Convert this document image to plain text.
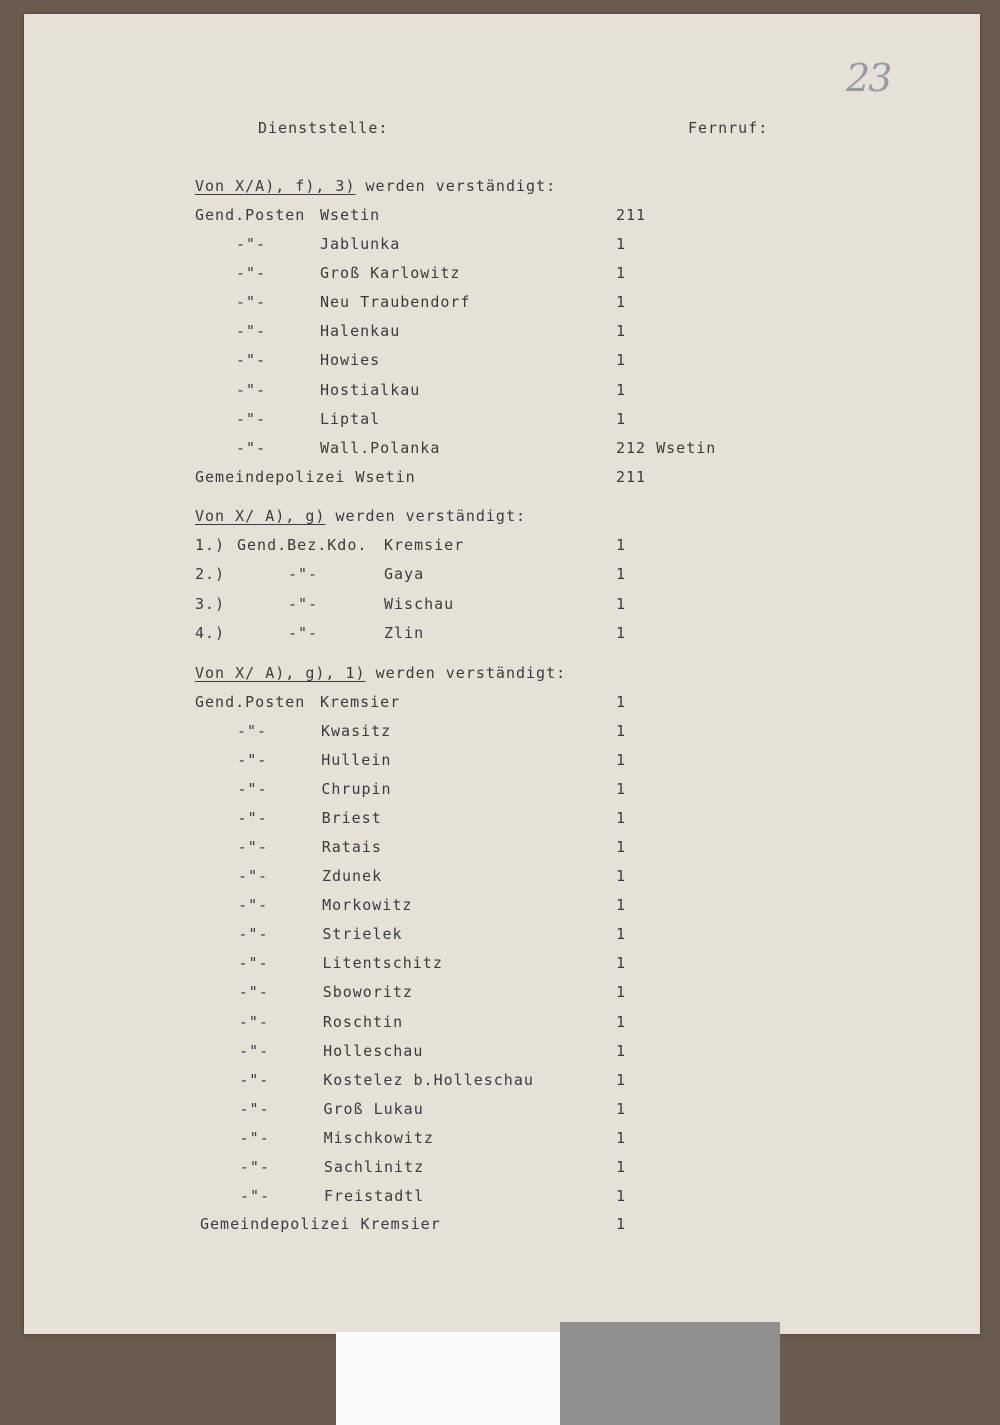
23
Dienststelle:	Fernruf:
Von X/A), f), 3) werden verständigt:
Gend.Posten Wsetin	211
-"-	Jablunka	1
-"-	Groß Karlowitz	1
-"-	Neu Traubendorf	1
-"-	Halenkau	1
-"-	Howies	1
-"-	Hostialkau	1
-"-	Liptal	1
-"-	Wall.Polanka	212 Wsetin
Gemeindepolizei Wsetin	211
Von X/ A), g) werden verständigt:
1.) Gend.Bez.Kdo. Kremsier	1
2.)	-"-	Gaya	1
3.)	-"-	Wischau	1
4.)	-"-	Zlin	1
Von X/ A), g), 1) werden verständigt:
Gend.Posten Kremsier	1
-"-	Kwasitz	1
-"-	Hullein	1
-"-	Chrupin	1
-"-	Briest	1
-"-	Ratais	1
-"-	Zdunek	1
-"-	Morkowitz	1
-"-	Strielek	1
-"-	Litentschitz	1
-"-	Sboworitz	1
-"-	Roschtin	1
-"-	Holleschau	1
-"-	Kostelez b.Holleschau	1
-"-	Groß Lukau	1
-"-	Mischkowitz	1
-"-	Sachlinitz	1
-"-	Freistadtl	1
Gemeindepolizei Kremsier	1
